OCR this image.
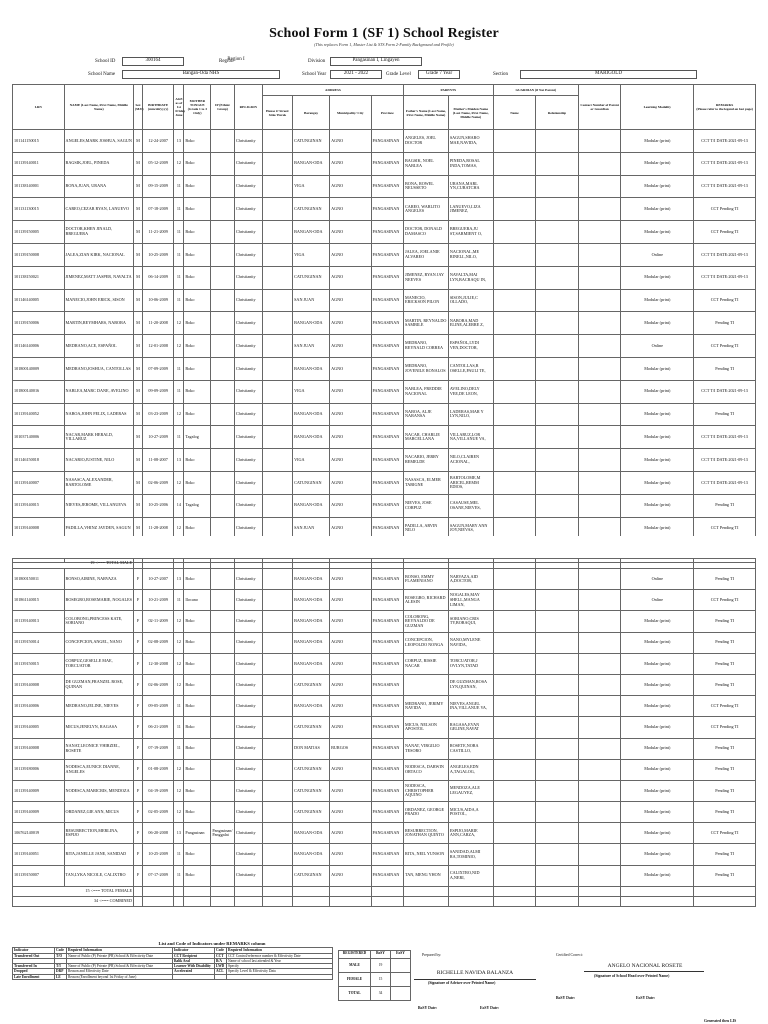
School Form 1 (SF 1) School Register
(This replaces Form 1, Master List & STS Form 2-Family Background and Profile)
School ID	300164	Region
Region I	Division	Pangasinan I, Lingayen
School Name	Bangan-Oda NHS	School Year	2021 - 2022	Grade Level	Grade 7 Year	Section	MARIGOLD
LRN	NAME (Last Name, First Name, Middle Name)	Sex (M/F)	BIRTHDATE (mm/dd/yyyy)	AGE as of 1st Friday June	MOTHER TONGUE (Grade 1 to 3 Only)	IP (Ethnic Group)	RELIGION	ADDRESS				PARENTS		GUARDIAN (if Not Parent)		Contact Number of Parent or Guardian	Learning Modality	REMARKS
(Please refer to the legend on last page)
								House #/ Street/ Sitio/ Purok	Barangay	Municipality/ City	Province	Father's Name (Last Name, First Name, Middle Name)	Mother's Maiden Name (Last Name, First Name, Middle Name)	Name	Relationship			
101141150015	ANGELES,MARK JOSHUA, SAGUN	M	12-24-2007	13	Boko		Christianity		CATUNGINAN	AGNO	PANGASINAN	ANGELES, JOEL DOCTOR	SAGUN,SHARO MAE,NAVIDA,				Modular (print)	CCT T/I DATE:2021-09-13
101139140011	BAGSIK,JOEL, PINEDA	M	05-12-2009	12	Boko		Christianity		BANGAN-ODA	AGNO	PANGASINAN	BAGSIK, NOEL NABLEA	PINEDA,ROSAL INDA,TOMAS,				Modular (print)	CCT T/I DATE:2021-09-13
101138140001	BONA,JUAN, URANA	M	09-15-2009	11	Boko		Christianity		VIGA	AGNO	PANGASINAN	BONA, ROWEL NEUSSETO	URANA,MARL YN,CURATCHA				Modular (print)	CCT T/I DATE:2021-09-13
101131130015	CAREO,CEZAR RYAN, LANUEVO	M	07-18-2009	11	Boko		Christianity		CATUNGINAN	AGNO	PANGASINAN	CAREO, WARLITO ANGELES	LANUEVO,LIZA JIMENEZ,				Modular (print)	CCT Pending TI
101139150005	DOCTOR,KHEN JINALD, BREGUERA	M	11-21-2009	11	Boko		Christianity		BANGAN-ODA	AGNO	PANGASINAN	DOCTOR, DONALD DAMASCO	BREGUERA,JU ST,SARMIENT O,				Modular (print)	CCT Pending TI
101139150008	JALEA,ZIAN KIRK, NACIONAL	M	10-25-2009	11	Boko		Christianity		VIGA	AGNO	PANGASINAN	JALEA, JOELANIE ALVAREO	NACIONAL,ME RINELL,NILO,				Online	CCT T/I DATE:2021-09-13
101138150021	JIMENEZ,MATT JASPER, NAVALTA	M	06-14-2009	11	Boko		Christianity		CATUNGINAN	AGNO	PANGASINAN	JIMENEZ, RYAN JAY NEEVES	NAVALTA,MAI LYN,BACRAQU IN,				Modular (print)	CCT T/I DATE:2021-09-13
101146140005	MANECIO,JOHN ERICK, SISON	M	10-06-2009	11	Boko		Christianity		SAN JUAN	AGNO	PANGASINAN	MANECIO, ERICKSON PILON	SISON,JULIE,C OLLADO,				Modular (print)	CCT Pending TI
101139150006	MARTIN,REYMHARS, NABORA	M	11-20-2008	12	Boko		Christianity		BANGAN-ODA	AGNO	PANGASINAN	MARTIN, REYNALDO SAMBILE	NABORA,MAD ELINE,ALERRE Z,				Modular (print)	Pending TI
101146140006	MEDRANO,ACE, ESPAÑOL	M	12-01-2008	12	Boko		Christianity		SAN JUAN	AGNO	PANGASINAN	MEDRANO, REYNALD CORREA	ESPAÑOL,LYDI VEN,DOCTOR,				Online	CCT Pending TI
101800140009	MEDRANO,JOSHUA, CANTOLLAS	M	07-09-2009	11	Boko		Christianity		BANGAN-ODA	AGNO	PANGASINAN	MEDRANO, JOVENILE RONALOS	CANTOLLAS,R OSELLE,PAULI TE,				Modular (print)	Pending TI
101800140016	NABLEA,MARC DANE, AVELINO	M	09-09-2009	11	Boko		Christianity		VIGA	AGNO	PANGASINAN	NABLEA, FREDDIE NACIONAL	AVELINO,DELY VEE,DE LEON,				Modular (print)	CCT T/I DATE:2021-09-13
101139140052	NABOA,JOHN FELIX, LADERAS	M	03-23-2009	12	Boko		Christianity		BANGAN-ODA	AGNO	PANGASINAN	NABOA, ALJE NARANSA	LADERAS,MAR Y LYN,NILO,				Modular (print)	Pending TI
101037140006	NACAR,MARK HERALD, VILLARUZ	M	10-27-2009	11	Tagalog		Christianity		BANGAN-ODA	AGNO	PANGASINAN	NACAR, CHARLIE MARCELLANA	VILLARUZ,LOR NA,VILLANUE VA,				Modular (print)	CCT T/I DATE:2021-09-13
101146150018	NACARIO,JUSTINE, NILO	M	11-08-2007	13	Boko		Christianity		VIGA	AGNO	PANGASINAN	NACARIO, JERRY REMELDE	NILO,CLAIREN ACIONAL,				Modular (print)	CCT T/I DATE:2021-09-13
101139140007	NASASCA,ALEXANDER, BARTOLOME	M	02-06-2009	12	Boko		Christianity		CATUNGINAN	AGNO	PANGASINAN	NASASCA, ELMER TABIGNE	BARTOLOME,M ARICEL,REMM EDIOS,				Modular (print)	CCT T/I DATE:2021-09-13
101139140015	NIEVES,JEROME, VILLANUEVA	M	10-25-2006	14	Tagalog		Christianity		BANGAN-ODA	AGNO	PANGASINAN	NIEVES, JOSE CORPUZ	CASAUSE,MEL OSANE,NIEVES,				Modular (print)	Pending TI
101139140008	PADILLA,VHINZ JAYDEN, SAGUN	M	11-28-2008	12	Boko		Christianity		SAN JUAN	AGNO	PANGASINAN	PADILLA, ARVIN NILO	SAGUN,MARY ANN JOY,NIEVAS,				Modular (print)	CCT Pending TI

19 <=== TOTAL MALE																		
101800150011	BONSO,AIRINE, NARVAZA	F	10-27-2007	13	Boko		Christianity		BANGAN-ODA	AGNO	PANGASINAN	BONSO, EMMY FLAMENIANO	NARVAZA,AID A,DOCTOR,				Online	Pending TI
101861140015	BOSEGRO,ROSEMARIE, NOGALES	F	10-21-2009	11	Ilocano		Christianity		BANGAN-ODA	AGNO	PANGASINAN	BOSEGRO, RICHARD ALESIN	NOGALES,MAY SHELL,MANGA LIMAN,				Online	CCT Pending TI
101139140013	COLOBONG,PRINCESS KATE, SORIANO	F	02-11-2009	12	Boko		Christianity		BANGAN-ODA	AGNO	PANGASINAN	COLOBONG, REYNALDO DE GUZMAN	SORIANO,CRIS TY,BORAQUI,				Modular (print)	Pending TI
101139150014	CONCEPCION,ANGEL, NANO	F	02-08-2009	12	Boko		Christianity		BANGAN-ODA	AGNO	PANGASINAN	CONCEPCION, LEOPOLDO NONGA	NANO,MYLENE NAVIDA,				Modular (print)	Pending TI
101139150015	CORPUZ,GESELLE MAE, TORCUATOR	F	12-30-2008	12	Boko		Christianity		BANGAN-ODA	AGNO	PANGASINAN	CORPUZ, RISSIE NACAR	TORCUATOR,J OVLYN,TATAD				Modular (print)	Pending TI
101139140008	DE GUZMAN,FRANZEL ROSE, QUINAN	F	02-06-2009	12	Boko		Christianity		CATUNGINAN	AGNO	PANGASINAN		DE GUZMAN,ROSA LYN,QUINAN,				Modular (print)	Pending TI
101139140006	MEDRANO,JELINE, NIEVES	F	09-05-2009	11	Boko		Christianity		BANGAN-ODA	AGNO	PANGASINAN	MEDRANO, JERIMY NAVIDA	NIEVES,ANGEL INA,VILLANUE VA,				Modular (print)	CCT Pending TI
101139140005	MICUS,JENELYN, RAGASA	F	06-21-2009	11	Boko		Christianity		CATUNGINAN	AGNO	PANGASINAN	MICUS, NELSON APOSTOL	RAGASA,EVAN GELINE,NAVAT				Modular (print)	CCT Pending TI
101139140008	NANAT,LEONICE VHIRZIEL, ROSETE	F	07-19-2009	11	Boko		Christianity		DON MATIAS	BURGOS	PANGASINAN	NANAT, VIRGILIO TESORO	ROSETE,NORA CASTILLO,				Modular (print)	Pending TI
101139180006	NODESCA,EUNICE DIANNE, ANGELES	F	01-08-2009	12	Boko		Christianity		CATUNGINAN	AGNO	PANGASINAN	NODESCA, DARWIN ORTACO	ANGELES,EDN A,TAGALOG,				Modular (print)	Pending TI
101139140009	NODESCA,MARICRIS, MENDOZA	F	04-19-2009	12	Boko		Christianity		CATUNGINAN	AGNO	PANGASINAN	NODESCA, CHRISTOPHER AQUINO	MENDOZA,ALE LEGAUYEZ,				Modular (print)	Pending TI
101139140009	ORDANEZ,GIE ANN, MICUS	F	02-05-2009	12	Boko		Christianity		CATUNGINAN	AGNO	PANGASINAN	ORDANEZ, GEORGE PRADO	MICUS,AIDA,A POSTOL,				Modular (print)	Pending TI
106762140019	RESURRECTION,MERLINA, ESPIJO	F	06-20-2008	13	Pangasinan	Pangasinan/ Panggalat	Christianity		BANGAN-ODA	AGNO	PANGASINAN	RESURRECTION, JONATHAN QUINTO	ESPIJO,MARIE ANN,CARZA,				Modular (print)	CCT Pending TI
101139140051	RITA,JANELLE JANE, SANIDAD	F	10-25-2009	11	Boko		Christianity		BANGAN-ODA	AGNO	PANGASINAN	RITA, NEIL YUNSON	SANIDAD,ALMI RA,TOMINIO,				Modular (print)	Pending TI
101139150007	TAN,LYKA NICOLE, CALIXTRO	F	07-17-2009	11	Boko		Christianity		CATUNGINAN	AGNO	PANGASINAN	TAN, MENG YHON	CALIXTRO,NID A,NERI,				Modular (print)	Pending TI
15 <=== TOTAL FEMALE																		
34 <=== COMBINED																		
List and Code of Indicators under REMARKS column
Indicator	Code	Required Information	Indicator	Code	Required Information
Transferred Out	T/O	Name of Public (P) Private (PR) School & Effectivity Date	CCT Recipient	CCT	CCT Control/reference number & Effectivity Date
			Balik Aral	B/A	Name of school last attended & Year
Transferred In	T/I	Name of Public (P) Private (PR) School & Effectivity Date	Learner With Disability	LWD	Specify
Dropped	DRP	Reason and Effectivity Date	Accelerated	ACL	Specify Level & Effectivity Data
Late Enrollment	LE	Reason (Enrollment beyond 1st Friday of June)			
REGISTERED	BoSY	EoSY
MALE	19	
FEMALE	15	
TOTAL	34	
Prepared by:
RICHELLE NAVIDA BALANZA
(Signature of Adviser over Printed Name)
Certified Correct:
ANGELO NACIONAL ROSETE
(Signature of School Head over Printed Name)
BoSY Date:	EoSY Date:
BoSY Date:	EoSY Date:
Generated thru LIS
